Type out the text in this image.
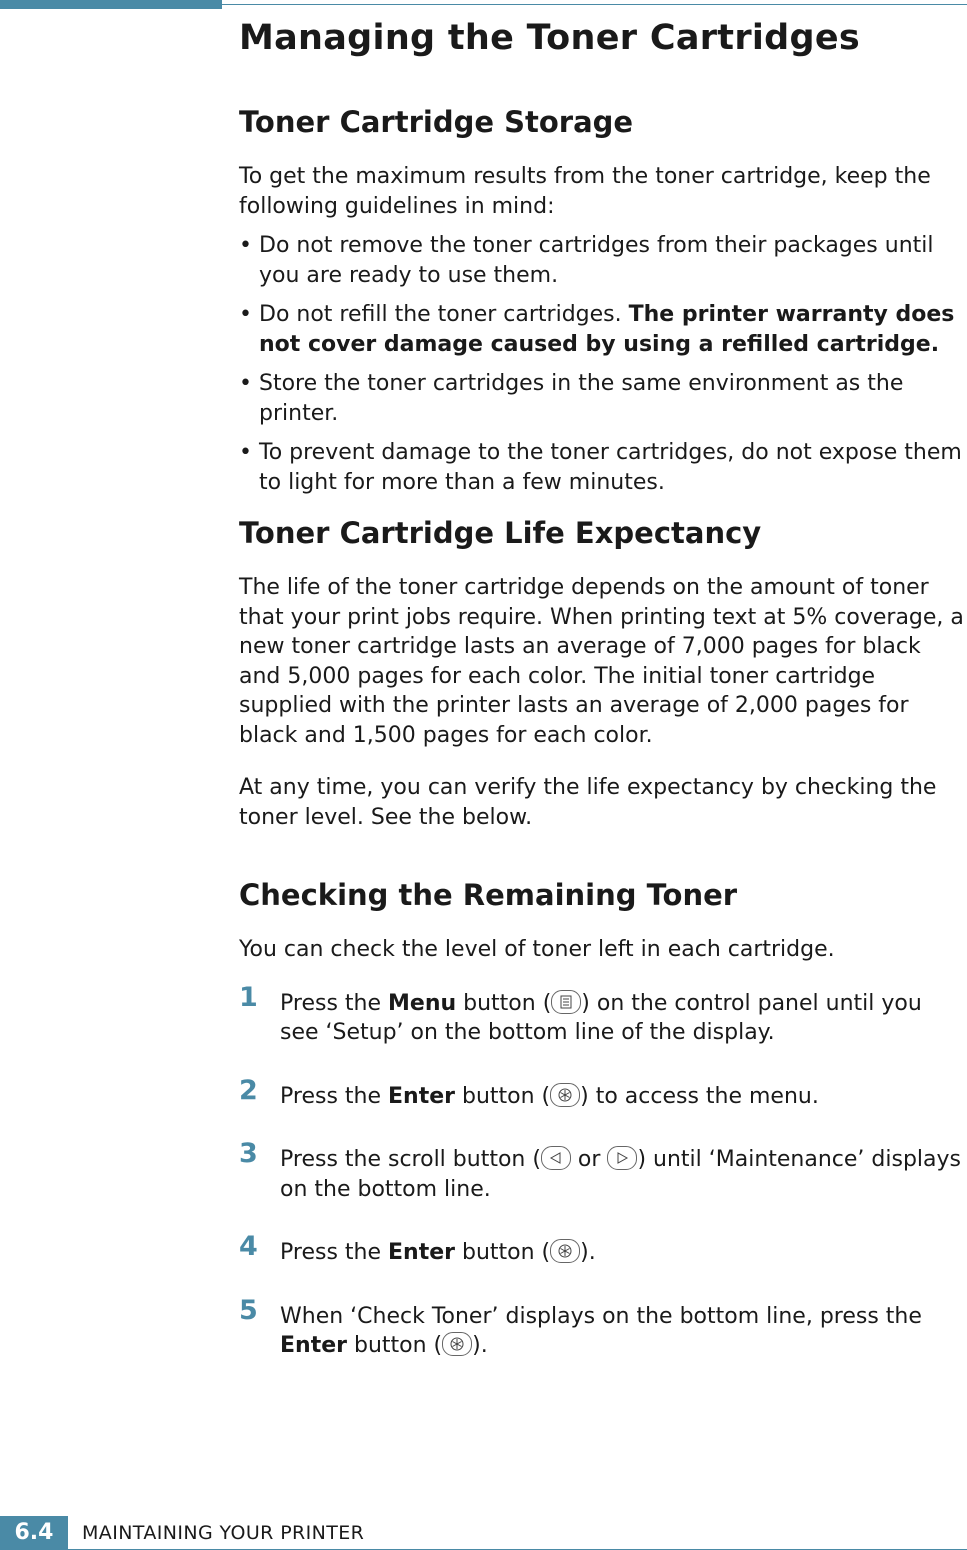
Managing the Toner Cartridges
Toner Cartridge Storage

To get the maximum results from the toner cartridge, keep the following guidelines in mind:

• Do not remove the toner cartridges from their packages until you are ready to use them.
• Do not refill the toner cartridges. The printer warranty does not cover damage caused by using a refilled cartridge.
• Store the toner cartridges in the same environment as the printer.
• To prevent damage to the toner cartridges, do not expose them to light for more than a few minutes.
Toner Cartridge Life Expectancy

The life of the toner cartridge depends on the amount of toner that your print jobs require. When printing text at 5% coverage, a new toner cartridge lasts an average of 7,000 pages for black and 5,000 pages for each color. The initial toner cartridge supplied with the printer lasts an average of 2,000 pages for black and 1,500 pages for each color.

At any time, you can verify the life expectancy by checking the toner level. See the below.

Checking the Remaining Toner

You can check the level of toner left in each cartridge.

1 Press the Menu button ( ) on the control panel until you see ‘Setup’ on the bottom line of the display.
2 Press the Enter button ( ) to access the menu.
3 Press the scroll button (
or
) until ‘Maintenance’ displays on the bottom line.
4 Press the Enter button ( ).
5 When ‘Check Toner’ displays on the bottom line, press the Enter button ( ).
6.4	MAINTAINING YOUR PRINTER
